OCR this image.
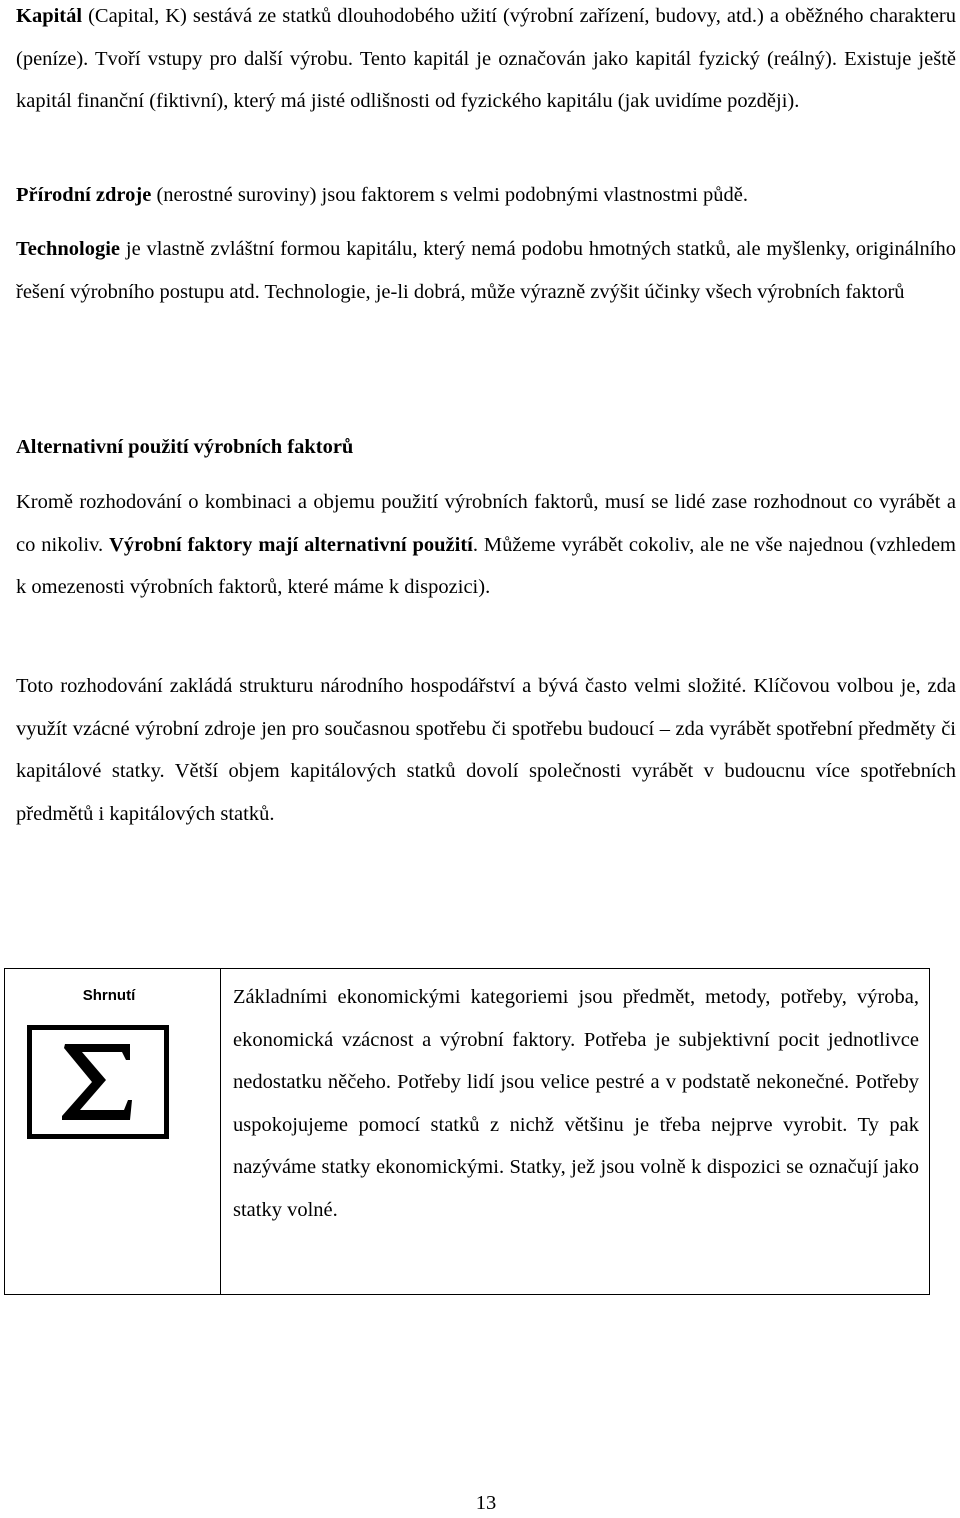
Kapitál (Capital, K) sestává ze statků dlouhodobého užití (výrobní zařízení, budovy, atd.) a oběžného charakteru (peníze). Tvoří vstupy pro další výrobu. Tento kapitál je označován jako kapitál fyzický (reálný). Existuje ještě kapitál finanční (fiktivní), který má jisté odlišnosti od fyzického kapitálu (jak uvidíme později).

Přírodní zdroje (nerostné suroviny) jsou faktorem s velmi podobnými vlastnostmi půdě.

Technologie je vlastně zvláštní formou kapitálu, který nemá podobu hmotných statků, ale myšlenky, originálního řešení výrobního postupu atd. Technologie, je-li dobrá, může výrazně zvýšit účinky všech výrobních faktorů

Alternativní použití výrobních faktorů

Kromě rozhodování o kombinaci a objemu použití výrobních faktorů, musí se lidé zase rozhodnout co vyrábět a co nikoliv. Výrobní faktory mají alternativní použití. Můžeme vyrábět cokoliv, ale ne vše najednou (vzhledem k omezenosti výrobních faktorů, které máme k dispozici).

Toto rozhodování zakládá strukturu národního hospodářství a bývá často velmi složité. Klíčovou volbou je, zda využít vzácné výrobní zdroje jen pro současnou spotřebu či spotřebu budoucí – zda vyrábět spotřební předměty či kapitálové statky. Větší objem kapitálových statků dovolí společnosti vyrábět v budoucnu více spotřebních předmětů i kapitálových statků.

Shrnutí	Základními ekonomickými kategoriemi jsou předmět, metody, potřeby, výroba, ekonomická vzácnost a výrobní faktory. Potřeba je subjektivní pocit jednotlivce nedostatku něčeho. Potřeby lidí jsou velice pestré a v podstatě nekonečné. Potřeby uspokojujeme pomocí statků z nichž většinu je třeba nejprve vyrobit. Ty pak nazýváme statky ekonomickými. Statky, jež jsou volně k dispozici se označují jako statky volné.

13
